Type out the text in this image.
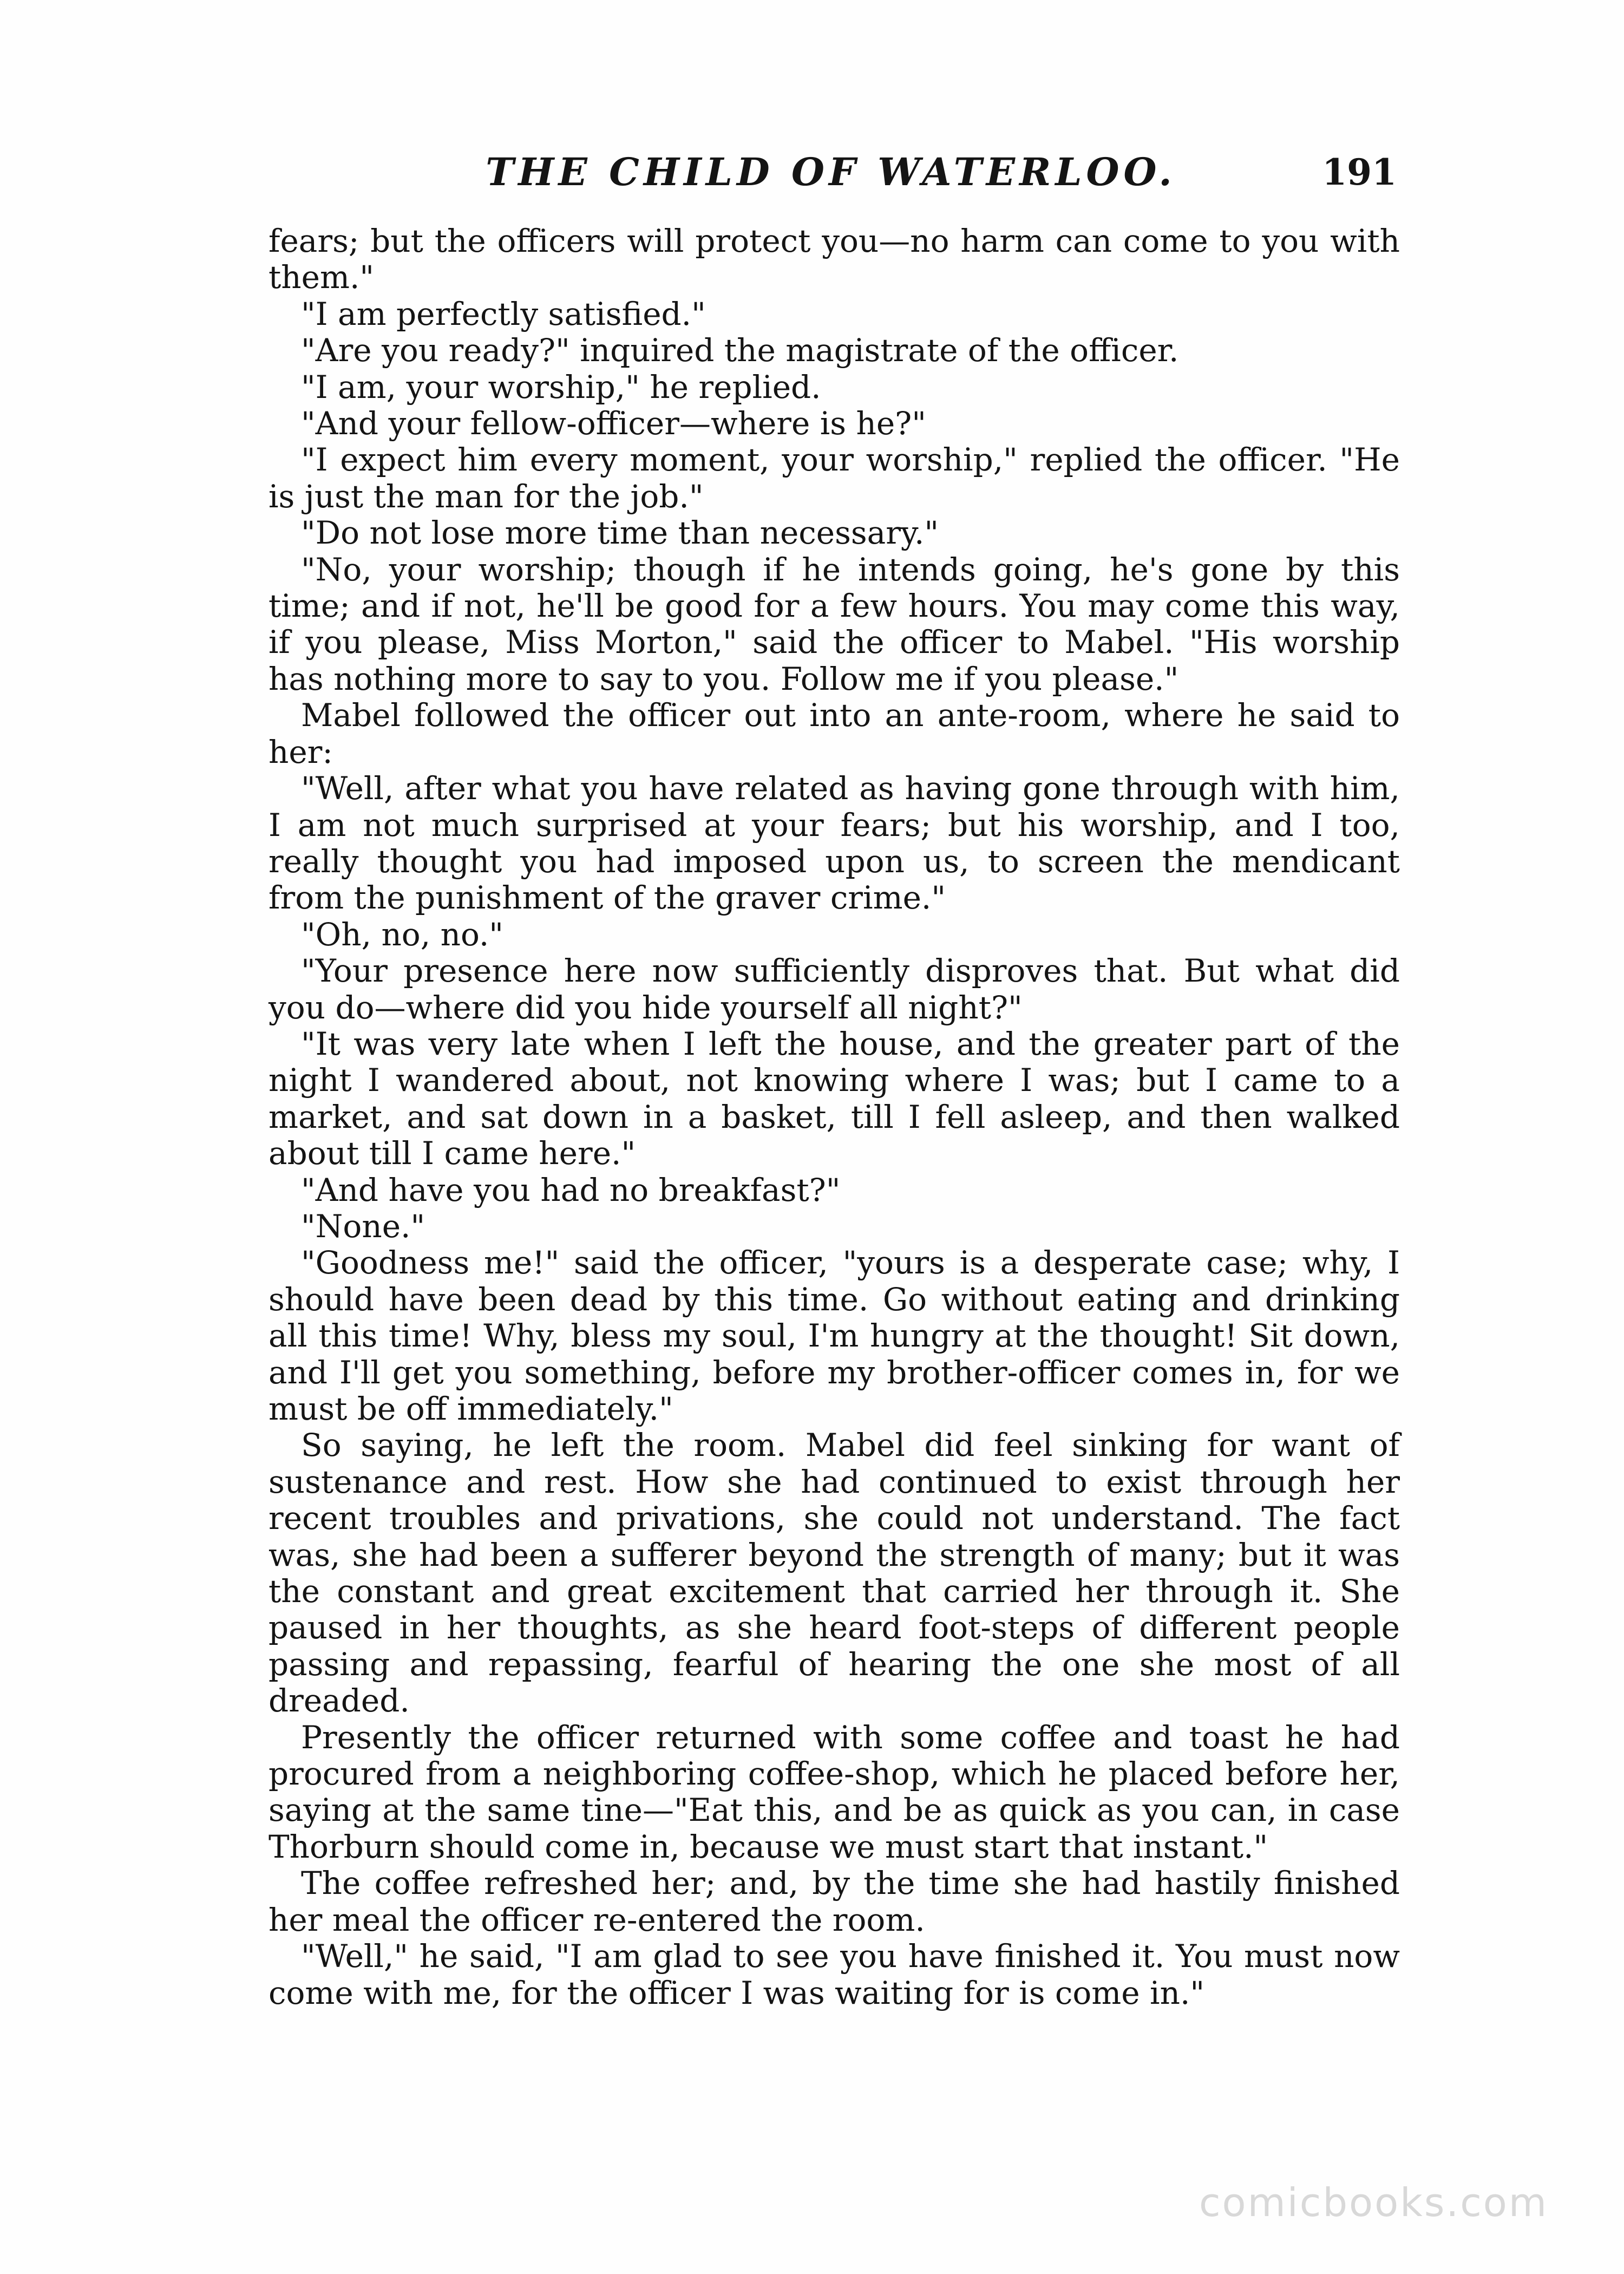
THE CHILD OF WATERLOO.	191

fears; but the officers will protect you—no harm can come to you with them."

"I am perfectly satisfied."

"Are you ready?" inquired the magistrate of the officer.

"I am, your worship," he replied.

"And your fellow-officer—where is he?"

"I expect him every moment, your worship," replied the officer. "He is just the man for the job."

"Do not lose more time than necessary."

"No, your worship; though if he intends going, he's gone by this time; and if not, he'll be good for a few hours. You may come this way, if you please, Miss Morton," said the officer to Mabel. "His worship has nothing more to say to you. Follow me if you please."

Mabel followed the officer out into an ante-room, where he said to her:

"Well, after what you have related as having gone through with him, I am not much surprised at your fears; but his worship, and I too, really thought you had imposed upon us, to screen the mendicant from the punishment of the graver crime."

"Oh, no, no."

"Your presence here now sufficiently disproves that. But what did you do—where did you hide yourself all night?"

"It was very late when I left the house, and the greater part of the night I wandered about, not knowing where I was; but I came to a market, and sat down in a basket, till I fell asleep, and then walked about till I came here."

"And have you had no breakfast?"

"None."

"Goodness me!" said the officer, "yours is a desperate case; why, I should have been dead by this time. Go without eating and drinking all this time! Why, bless my soul, I'm hungry at the thought! Sit down, and I'll get you something, before my brother-officer comes in, for we must be off immediately."

So saying, he left the room. Mabel did feel sinking for want of sustenance and rest. How she had continued to exist through her recent troubles and privations, she could not understand. The fact was, she had been a sufferer beyond the strength of many; but it was the constant and great excitement that carried her through it. She paused in her thoughts, as she heard foot-steps of different people passing and repassing, fearful of hearing the one she most of all dreaded.

Presently the officer returned with some coffee and toast he had procured from a neighboring coffee-shop, which he placed before her, saying at the same tine—"Eat this, and be as quick as you can, in case Thorburn should come in, because we must start that instant."

The coffee refreshed her; and, by the time she had hastily finished her meal the officer re-entered the room.

"Well," he said, "I am glad to see you have finished it. You must now come with me, for the officer I was waiting for is come in."

comicbooks.com
